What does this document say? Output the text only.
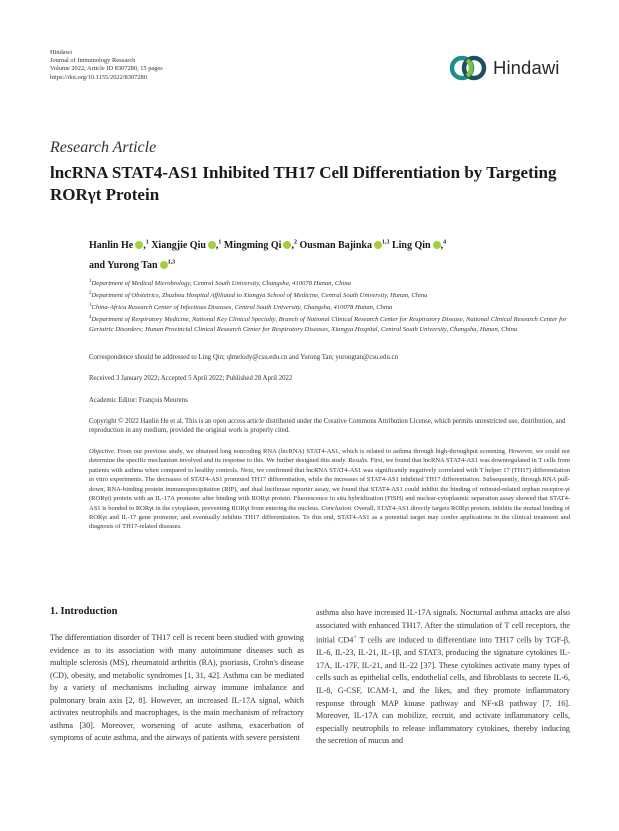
Hindawi
Journal of Immunology Research
Volume 2022, Article ID 8307280, 15 pages
https://doi.org/10.1155/2022/8307280	Hindawi
Research Article
lncRNA STAT4-AS1 Inhibited TH17 Cell Differentiation by Targeting RORγt Protein
Hanlin He ,$^1$ Xiangjie Qiu ,$^1$ Mingming Qi ,$^2$ Ousman Bajinka $^{1,3}$ Ling Qin ,$^4$
and Yurong Tan $^{1,3}$
$^1$Department of Medical Microbiology, Central South University, Changsha, 410078 Hunan, China
$^2$Department of Obstetrics, Zhuzhou Hospital Affiliated to Xiangya School of Medicine, Central South University, Hunan, China
$^3$China-Africa Research Center of Infectious Diseases, Central South University, Changsha, 410078 Hunan, China
$^4$Department of Respiratory Medicine, National Key Clinical Specialty, Branch of National Clinical Research Center for Respiratory Disease, National Clinical Research Center for Geriatric Disorders; Hunan Provincial Clinical Research Center for Respiratory Diseases, Xiangya Hospital, Central South University, Changsha, Hunan, China
Correspondence should be addressed to Ling Qin; qlmelody@csu.edu.cn and Yurong Tan; yurongtan@csu.edu.cn
Received 3 January 2022; Accepted 5 April 2022; Published 28 April 2022
Academic Editor: François Meurens
Copyright © 2022 Hanlin He et al. This is an open access article distributed under the Creative Commons Attribution License, which permits unrestricted use, distribution, and reproduction in any medium, provided the original work is properly cited.

Objective. From our previous study, we obtained long noncoding RNA (lncRNA) STAT4-AS1, which is related to asthma through high-throughput screening. However, we could not determine the specific mechanism involved and its response to this. We further designed this study. Results. First, we found that lncRNA STAT4-AS1 was downregulated in T cells from patients with asthma when compared to healthy controls. Next, we confirmed that lncRNA STAT4-AS1 was significantly negatively correlated with T helper 17 (TH17) differentiation in vitro experiments. The decreases of STAT4-AS1 promoted TH17 differentiation, while the increases of STAT4-AS1 inhibited TH17 differentiation. Subsequently, through RNA pull-down, RNA-binding protein immunoprecipitation (RIP), and dual luciferase reporter assay, we found that STAT4-AS1 could inhibit the binding of retinoid-related orphan receptor-γt (RORγt) protein with an IL-17A promoter after binding with RORγt protein. Fluorescence in situ hybridization (FISH) and nuclear-cytoplasmic separation assay showed that STAT4-AS1 is bonded to RORγt in the cytoplasm, preventing RORγt from entering the nucleus. Conclusion. Overall, STAT4-AS1 directly targets RORγt protein, inhibits the mutual binding of RORγt and IL-17 gene promoter, and eventually inhibits TH17 differentiation. To this end, STAT4-AS1 as a potential target may confer applications in the clinical treatment and diagnosis of TH17-related diseases.

1. Introduction

The differentiation disorder of TH17 cell is recent been studied with growing evidence as to its association with many autoimmune diseases such as multiple sclerosis (MS), rheumatoid arthritis (RA), psoriasis, Crohn's disease (CD), obesity, and metabolic syndromes [1, 31, 42]. Asthma can be mediated by a variety of mechanisms including airway immune imbalance and pulmonary brain axis [2, 8]. However, an increased IL-17A signal, which activates neutrophils and macrophages, is the main mechanism of refractory asthma [30]. Moreover, worsening of acute asthma, exacerbation of symptoms of acute asthma, and the airways of patients with severe persistent

asthma also have increased IL-17A signals. Nocturnal asthma attacks are also associated with enhanced TH17. After the stimulation of T cell receptors, the initial CD4+ T cells are induced to differentiate into TH17 cells by TGF-β, IL-6, IL-23, IL-21, IL-1β, and STAT3, producing the signature cytokines IL-17A, IL-17F, IL-21, and IL-22 [37]. These cytokines activate many types of cells such as epithelial cells, endothelial cells, and fibroblasts to secrete IL-6, IL-8, G-CSF, ICAM-1, and the likes, and they promote inflammatory response through MAP kinase pathway and NF-κB pathway [7, 16]. Moreover, IL-17A can mobilize, recruit, and activate inflammatory cells, especially neutrophils to release inflammatory cytokines, thereby inducing the secretion of mucus and
